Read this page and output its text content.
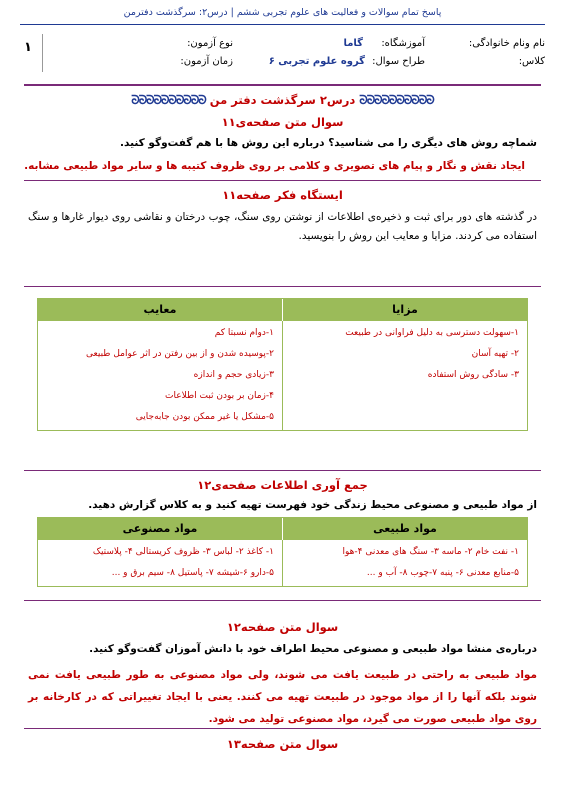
پاسخ تمام سوالات و فعالیت های علوم تجربی ششم | درس۲: سرگذشت دفترمن
نام ونام خانوادگی:
آموزشگاه:
گاما
نوع آزمون:
کلاس:
طراح سوال:
گروه علوم تجربی ۶
زمان آزمون:
۱
ᘐᘐᘐᘐᘐᘐᘐᘐᘐᘐ درس۲ سرگذشت دفتر من ᘐᘐᘐᘐᘐᘐᘐᘐᘐᘐ
سوال متن صفحه‌ی۱۱
شماچه روش های دیگری را می شناسید؟ درباره این روش ها با هم گفت‌وگو کنید.
ایجاد نقش و نگار و پیام های تصویری و کلامی بر روی ظروف کتیبه ها و سایر مواد طبیعی مشابه.
ایستگاه فکر صفحه۱۱
در گذشته های دور برای ثبت و ذخیره‌ی اطلاعات از نوشتن روی سنگ، چوب درختان و نقاشی روی دیوار غارها و سنگ استفاده می کردند. مزایا و معایب این روش را بنویسید.
مزایا
معایب
۱-سهولت دسترسی به دلیل فراوانی در طبیعت
۲- تهیه آسان
۳- سادگی روش استفاده
۱-دوام نسبتا کم
۲-پوسیده شدن و از بین رفتن در اثر عوامل طبیعی
۳-زیادی حجم و اندازه
۴-زمان بر بودن ثبت اطلاعات
۵-مشکل یا غیر ممکن بودن جابه‌جایی
جمع آوری اطلاعات صفحه‌ی۱۲
از مواد طبیعی و مصنوعی محیط زندگی خود فهرست تهیه کنید و به کلاس گزارش دهید.
مواد طبیعی
مواد مصنوعی
۱- نفت خام ۲- ماسه ۳- سنگ های معدنی ۴-هوا
۵-منابع معدنی ۶- پنبه ۷-چوب ۸- آب و ...
۱- کاغذ ۲- لباس ۳- ظروف کریستالی ۴- پلاستیک
۵-دارو ۶-شیشه ۷- پاستیل ۸- سیم برق و ...
سوال متن صفحه۱۲
درباره‌ی منشا مواد طبیعی و مصنوعی محیط اطراف خود با دانش آموزان گفت‌وگو کنید.
مواد طبیعی به راحتی در طبیعت یافت می شوند، ولی مواد مصنوعی به طور طبیعی یافت نمی شوند بلکه آنها را از مواد موجود در طبیعت تهیه می کنند. یعنی با ایجاد تغییراتی که در کارخانه بر روی مواد طبیعی صورت می گیرد، مواد مصنوعی تولید می شود.
سوال متن صفحه۱۳
